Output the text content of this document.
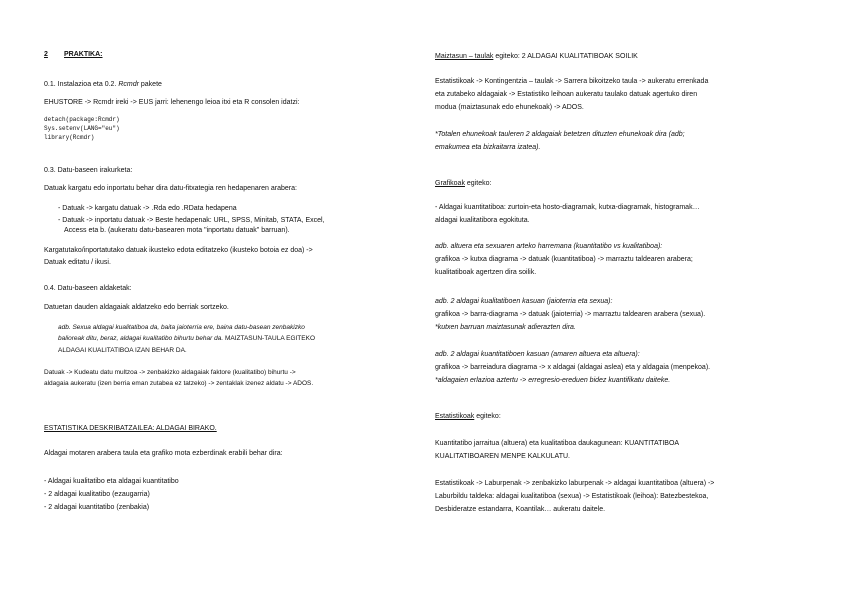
2 PRAKTIKA:

0.1. Instalazioa eta 0.2. Rcmdr pakete

EHUSTORE -> Rcmdr ireki -> EUS jarri: lehenengo leioa itxi eta R consolen idatzi:

detach(package:Rcmdr)

Sys.setenv(LANG="eu")

library(Rcmdr)

0.3. Datu-baseen irakurketa:

Datuak kargatu edo inportatu behar dira datu-fitxategia ren hedapenaren arabera:

- Datuak -> kargatu datuak -> .Rda edo .RData hedapena

- Datuak -> inportatu datuak -> Beste hedapenak: URL, SPSS, Minitab, STATA, Excel,

Access eta b. (aukeratu datu-basearen mota "inportatu datuak" barruan).

Kargatutako/inportatutako datuak ikusteko edota editatzeko (ikusteko botoia ez doa) ->

Datuak editatu / ikusi.

0.4. Datu-baseen aldaketak:

Datuetan dauden aldagaiak aldatzeko edo berriak sortzeko.

adb. Sexua aldagai kualitatiboa da, baita jaioterria ere, baina datu-basean zenbakizko

balioreak ditu, beraz, aldagai kualitatibo bihurtu behar da. MAIZTASUN-TAULA EGITEKO

ALDAGAI KUALITATIBOA IZAN BEHAR DA.

Datuak -> Kudeatu datu multzoa -> zenbakizko aldagaiak faktore (kualitatibo) bihurtu ->

aldagaia aukeratu (izen berria eman zutabea ez tatzeko) -> zentaklak izenez aldatu -> ADOS.

ESTATISTIKA DESKRIBATZAILEA: ALDAGAI BIRAKO.

Aldagai motaren arabera taula eta grafiko mota ezberdinak erabili behar dira:

- Aldagai kualitatibo eta aldagai kuantitatibo

- 2 aldagai kualitatibo (ezaugarria)

- 2 aldagai kuantitatibo (zenbakia)

Maiztasun – taulak egiteko: 2 ALDAGAI KUALITATIBOAK SOILIK

Estatistikoak -> Kontingentzia – taulak -> Sarrera bikoitzeko taula -> aukeratu errenkada

eta zutabeko aldagaiak -> Estatistiko leihoan aukeratu taulako datuak agertuko diren

modua (maiztasunak edo ehunekoak) -> ADOS.

*Totalen ehunekoak tauleren 2 aldagaiak betetzen dituzten ehunekoak dira (adb;

emakumea eta bizkaitarra izatea).

Grafikoak egiteko:

- Aldagai kuantitatiboa: zurtoin-eta hosto-diagramak, kutxa-diagramak, histogramak…

aldagai kualitatibora egokituta.

adb. altuera eta sexuaren arteko harremana (kuantitatibo vs kualitatiboa):

grafikoa -> kutxa diagrama -> datuak (kuantitatiboa) -> marraztu taldearen arabera;

kualitatiboak agertzen dira soilik.

adb. 2 aldagai kualitatiboen kasuan (jaioterria eta sexua):

grafikoa -> barra-diagrama -> datuak (jaioterria) -> marraztu taldearen arabera (sexua).

*kutxen barruan maiztasunak adierazten dira.

adb. 2 aldagai kuantitatiboen kasuan (amaren altuera eta altuera):

grafikoa -> barreiadura diagrama -> x aldagai (aldagai aslea) eta y aldagaia (menpekoa).

*aldagaien erlazioa aztertu -> erregresio-ereduen bidez kuantifikatu daiteke.

Estatistikoak egiteko:

Kuantitatibo jarraitua (altuera) eta kualitatiboa daukagunean: KUANTITATIBOA

KUALITATIBOAREN MENPE KALKULATU.

Estatistikoak -> Laburpenak -> zenbakizko laburpenak -> aldagai kuantitatiboa (altuera) ->

Laburbildu taldeka: aldagai kualitatiboa (sexua) -> Estatistikoak (leihoa): Batezbestekoa,

Desbideratze estandarra, Koantilak… aukeratu daitele.
